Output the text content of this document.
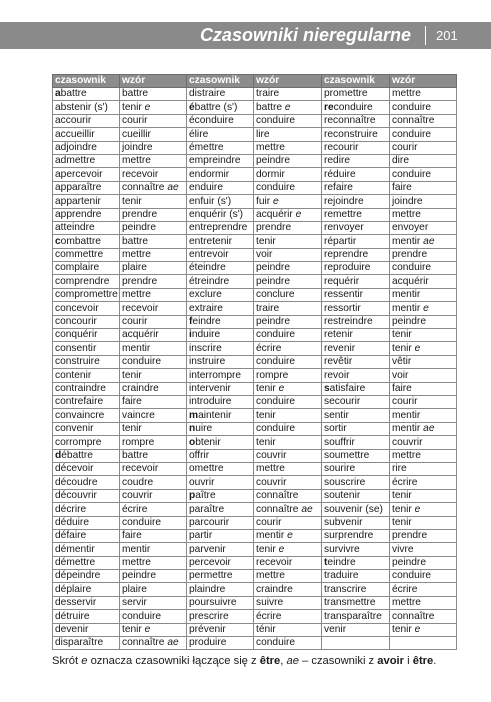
Czasowniki nieregularne 201
czasownik	wzór	czasownik	wzór	czasownik	wzór
abattre	battre	distraire	traire	promettre	mettre
abstenir (s')	tenir e	ébattre (s')	battre e	reconduire	conduire
accourir	courir	éconduire	conduire	reconnaître	connaître
accueillir	cueillir	élire	lire	reconstruire	conduire
adjoindre	joindre	émettre	mettre	recourir	courir
admettre	mettre	empreindre	peindre	redire	dire
apercevoir	recevoir	endormir	dormir	réduire	conduire
apparaître	connaître ae	enduire	conduire	refaire	faire
appartenir	tenir	enfuir (s')	fuir e	rejoindre	joindre
apprendre	prendre	enquérir (s')	acquérir e	remettre	mettre
atteindre	peindre	entreprendre	prendre	renvoyer	envoyer
combattre	battre	entretenir	tenir	répartir	mentir ae
commettre	mettre	entrevoir	voir	reprendre	prendre
complaire	plaire	éteindre	peindre	reproduire	conduire
comprendre	prendre	étreindre	peindre	requérir	acquérir
compromettre	mettre	exclure	conclure	ressentir	mentir
concevoir	recevoir	extraire	traire	ressortir	mentir e
concourir	courir	feindre	peindre	restreindre	peindre
conquérir	acquérir	induire	conduire	retenir	tenir
consentir	mentir	inscrire	écrire	revenir	tenir e
construire	conduire	instruire	conduire	revêtir	vêtir
contenir	tenir	interrompre	rompre	revoir	voir
contraindre	craindre	intervenir	tenir e	satisfaire	faire
contrefaire	faire	introduire	conduire	secourir	courir
convaincre	vaincre	maintenir	tenir	sentir	mentir
convenir	tenir	nuire	conduire	sortir	mentir ae
corrompre	rompre	obtenir	tenir	souffrir	couvrir
débattre	battre	offrir	couvrir	soumettre	mettre
décevoir	recevoir	omettre	mettre	sourire	rire
découdre	coudre	ouvrir	couvrir	souscrire	écrire
découvrir	couvrir	paître	connaître	soutenir	tenir
décrire	écrire	paraître	connaître ae	souvenir (se)	tenir e
déduire	conduire	parcourir	courir	subvenir	tenir
défaire	faire	partir	mentir e	surprendre	prendre
démentir	mentir	parvenir	tenir e	survivre	vivre
démettre	mettre	percevoir	recevoir	teindre	peindre
dépeindre	peindre	permettre	mettre	traduire	conduire
déplaire	plaire	plaindre	craindre	transcrire	écrire
desservir	servir	poursuivre	suivre	transmettre	mettre
détruire	conduire	prescrire	écrire	transparaître	connaître
devenir	tenir e	prévenir	ténir	venir	tenir e
disparaître	connaître ae	produire	conduire		
Skrót e oznacza czasowniki łączące się z être, ae – czasowniki z avoir i être.
